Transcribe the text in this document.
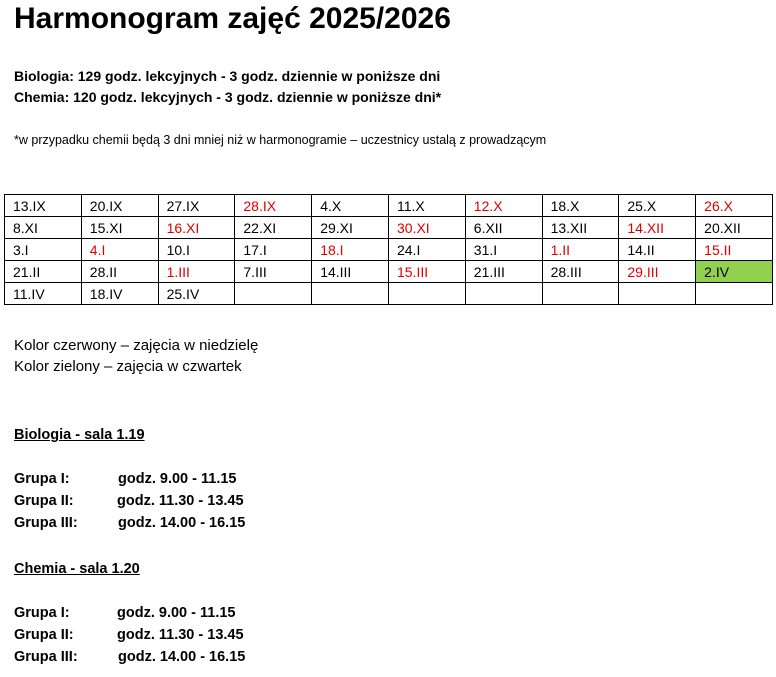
Harmonogram zajęć 2025/2026
Biologia: 129 godz. lekcyjnych - 3 godz. dziennie w poniższe dni
Chemia: 120 godz. lekcyjnych - 3 godz. dziennie w poniższe dni*
*w przypadku chemii będą 3 dni mniej niż w harmonogramie – uczestnicy ustalą z prowadzącym
13.IX	20.IX	27.IX	28.IX	4.X	11.X	12.X	18.X	25.X	26.X
8.XI	15.XI	16.XI	22.XI	29.XI	30.XI	6.XII	13.XII	14.XII	20.XII
3.I	4.I	10.I	17.I	18.I	24.I	31.I	1.II	14.II	15.II
21.II	28.II	1.III	7.III	14.III	15.III	21.III	28.III	29.III	2.IV
11.IV	18.IV	25.IV							
Kolor czerwony – zajęcia w niedzielę
Kolor zielony – zajęcia w czwartek
Biologia - sala 1.19
Grupa I:	godz. 9.00 - 11.15
Grupa II:	godz. 11.30 - 13.45
Grupa III:	godz. 14.00 - 16.15
Chemia - sala 1.20
Grupa I:	godz. 9.00 - 11.15
Grupa II:	godz. 11.30 - 13.45
Grupa III:	godz. 14.00 - 16.15
